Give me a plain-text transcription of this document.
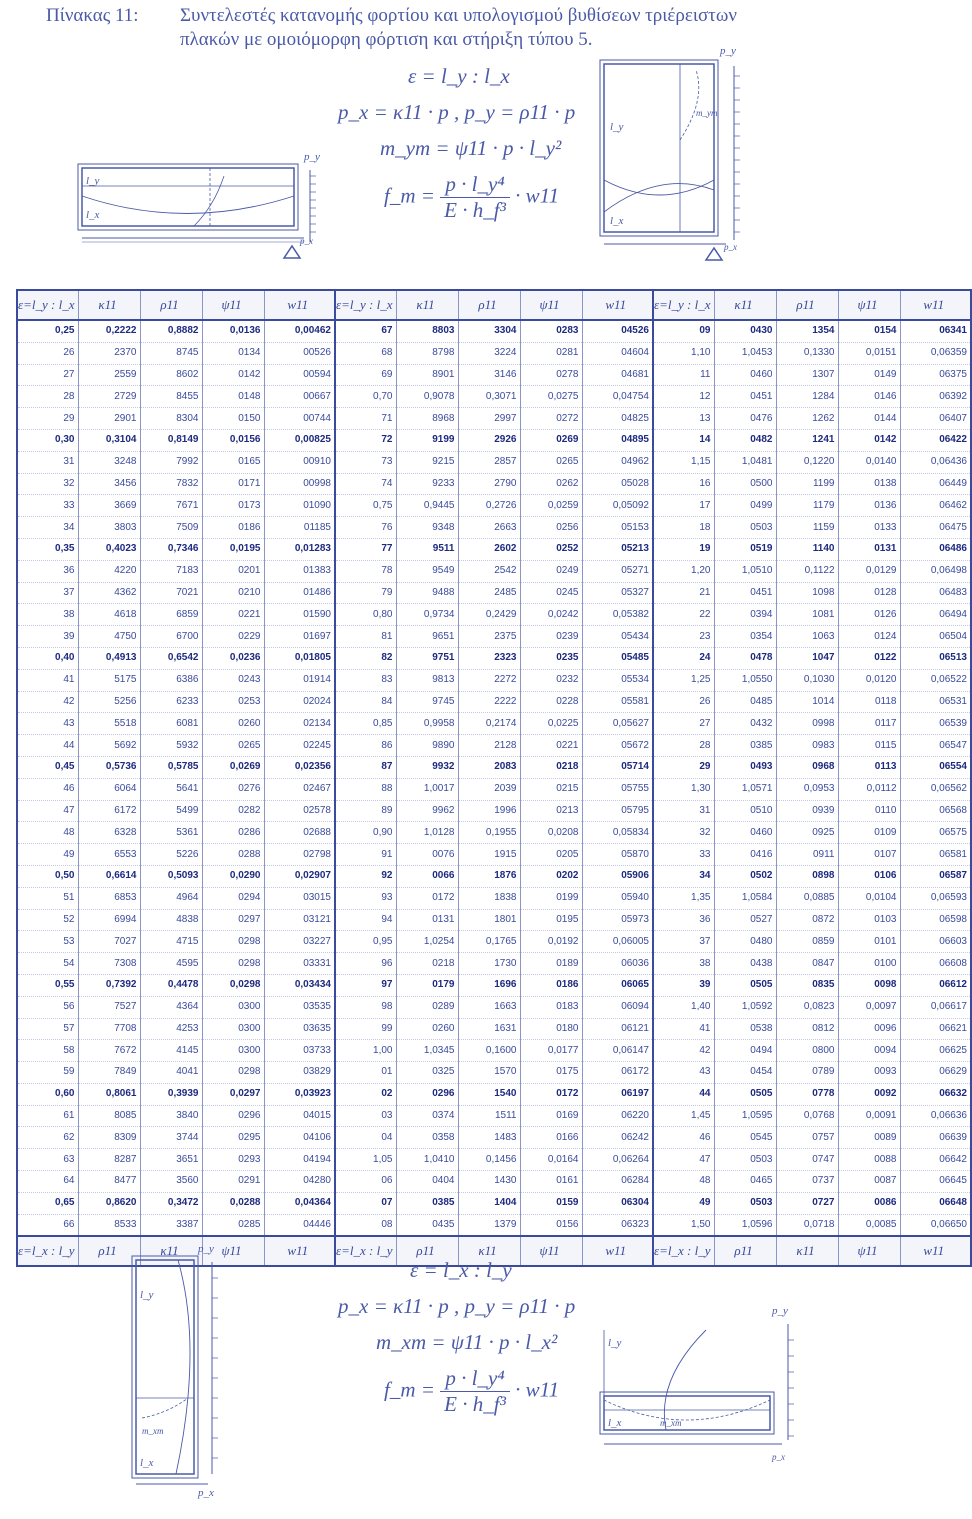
Πίνακας 11: Συντελεστές κατανομής φορτίου και υπολογισμού βυθίσεων τριέρειστων
πλακών με ομοιόμορφη φόρτιση και στήριξη τύπου 5.
l_y
l_x
p_y
p_x
ε = l_y : l_x
p_x = κ11 · p , p_y = ρ11 · p
m_ym = ψ11 · p · l_y²
f_m = $\frac{\text{p · l\_y⁴}}{\text{E · h\_f³}} \cdot w11$
l_y
l_x
p_y
p_x
m_ym
ε=l_y : l_x	κ11	ρ11	ψ11	w11	ε=l_y : l_x	κ11	ρ11	ψ11	w11	ε=l_y : l_x	κ11	ρ11	ψ11	w11
0,25	0,2222	0,8882	0,0136	0,00462	67	8803	3304	0283	04526	09	0430	1354	0154	06341
26	2370	8745	0134	00526	68	8798	3224	0281	04604	1,10	1,0453	0,1330	0,0151	0,06359
27	2559	8602	0142	00594	69	8901	3146	0278	04681	11	0460	1307	0149	06375
28	2729	8455	0148	00667	0,70	0,9078	0,3071	0,0275	0,04754	12	0451	1284	0146	06392
29	2901	8304	0150	00744	71	8968	2997	0272	04825	13	0476	1262	0144	06407
0,30	0,3104	0,8149	0,0156	0,00825	72	9199	2926	0269	04895	14	0482	1241	0142	06422
31	3248	7992	0165	00910	73	9215	2857	0265	04962	1,15	1,0481	0,1220	0,0140	0,06436
32	3456	7832	0171	00998	74	9233	2790	0262	05028	16	0500	1199	0138	06449
33	3669	7671	0173	01090	0,75	0,9445	0,2726	0,0259	0,05092	17	0499	1179	0136	06462
34	3803	7509	0186	01185	76	9348	2663	0256	05153	18	0503	1159	0133	06475
0,35	0,4023	0,7346	0,0195	0,01283	77	9511	2602	0252	05213	19	0519	1140	0131	06486
36	4220	7183	0201	01383	78	9549	2542	0249	05271	1,20	1,0510	0,1122	0,0129	0,06498
37	4362	7021	0210	01486	79	9488	2485	0245	05327	21	0451	1098	0128	06483
38	4618	6859	0221	01590	0,80	0,9734	0,2429	0,0242	0,05382	22	0394	1081	0126	06494
39	4750	6700	0229	01697	81	9651	2375	0239	05434	23	0354	1063	0124	06504
0,40	0,4913	0,6542	0,0236	0,01805	82	9751	2323	0235	05485	24	0478	1047	0122	06513
41	5175	6386	0243	01914	83	9813	2272	0232	05534	1,25	1,0550	0,1030	0,0120	0,06522
42	5256	6233	0253	02024	84	9745	2222	0228	05581	26	0485	1014	0118	06531
43	5518	6081	0260	02134	0,85	0,9958	0,2174	0,0225	0,05627	27	0432	0998	0117	06539
44	5692	5932	0265	02245	86	9890	2128	0221	05672	28	0385	0983	0115	06547
0,45	0,5736	0,5785	0,0269	0,02356	87	9932	2083	0218	05714	29	0493	0968	0113	06554
46	6064	5641	0276	02467	88	1,0017	2039	0215	05755	1,30	1,0571	0,0953	0,0112	0,06562
47	6172	5499	0282	02578	89	9962	1996	0213	05795	31	0510	0939	0110	06568
48	6328	5361	0286	02688	0,90	1,0128	0,1955	0,0208	0,05834	32	0460	0925	0109	06575
49	6553	5226	0288	02798	91	0076	1915	0205	05870	33	0416	0911	0107	06581
0,50	0,6614	0,5093	0,0290	0,02907	92	0066	1876	0202	05906	34	0502	0898	0106	06587
51	6853	4964	0294	03015	93	0172	1838	0199	05940	1,35	1,0584	0,0885	0,0104	0,06593
52	6994	4838	0297	03121	94	0131	1801	0195	05973	36	0527	0872	0103	06598
53	7027	4715	0298	03227	0,95	1,0254	0,1765	0,0192	0,06005	37	0480	0859	0101	06603
54	7308	4595	0298	03331	96	0218	1730	0189	06036	38	0438	0847	0100	06608
0,55	0,7392	0,4478	0,0298	0,03434	97	0179	1696	0186	06065	39	0505	0835	0098	06612
56	7527	4364	0300	03535	98	0289	1663	0183	06094	1,40	1,0592	0,0823	0,0097	0,06617
57	7708	4253	0300	03635	99	0260	1631	0180	06121	41	0538	0812	0096	06621
58	7672	4145	0300	03733	1,00	1,0345	0,1600	0,0177	0,06147	42	0494	0800	0094	06625
59	7849	4041	0298	03829	01	0325	1570	0175	06172	43	0454	0789	0093	06629
0,60	0,8061	0,3939	0,0297	0,03923	02	0296	1540	0172	06197	44	0505	0778	0092	06632
61	8085	3840	0296	04015	03	0374	1511	0169	06220	1,45	1,0595	0,0768	0,0091	0,06636
62	8309	3744	0295	04106	04	0358	1483	0166	06242	46	0545	0757	0089	06639
63	8287	3651	0293	04194	1,05	1,0410	0,1456	0,0164	0,06264	47	0503	0747	0088	06642
64	8477	3560	0291	04280	06	0404	1430	0161	06284	48	0465	0737	0087	06645
0,65	0,8620	0,3472	0,0288	0,04364	07	0385	1404	0159	06304	49	0503	0727	0086	06648
66	8533	3387	0285	04446	08	0435	1379	0156	06323	1,50	1,0596	0,0718	0,0085	0,06650
ε=l_x : l_y	ρ11	κ11	ψ11	w11	ε=l_x : l_y	ρ11	κ11	ψ11	w11	ε=l_x : l_y	ρ11	κ11	ψ11	w11
l_y
l_x
p_y
p_x
m_xm
ε = l_x : l_y
p_x = κ11 · p , p_y = ρ11 · p
m_xm = ψ11 · p · l_x²
f_m = $\frac{\text{p · l\_y⁴}}{\text{E · h\_f³}} \cdot w11$
l_y
l_x
p_y
p_x
m_xm
